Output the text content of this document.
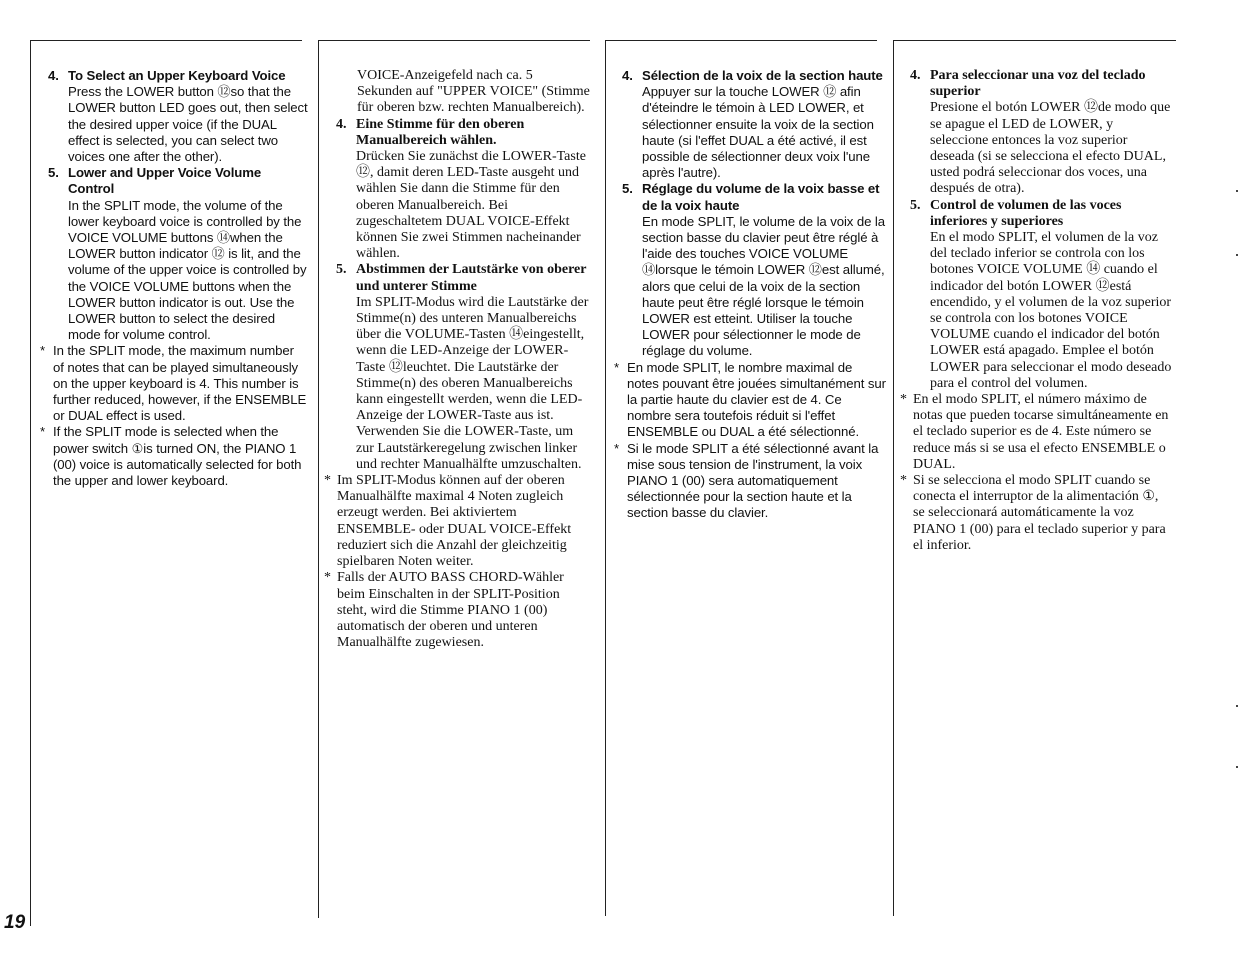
4. To Select an Upper Keyboard Voice
Press the LOWER button ⑫so that the LOWER button LED goes out, then select the desired upper voice (if the DUAL effect is selected, you can select two voices one after the other).
5. Lower and Upper Voice Volume Control
In the SPLIT mode, the volume of the lower keyboard voice is controlled by the VOICE VOLUME buttons ⑭when the LOWER button indicator ⑫ is lit, and the volume of the upper voice is controlled by the VOICE VOLUME buttons when the LOWER button indicator is out. Use the LOWER button to select the desired mode for volume control.
* In the SPLIT mode, the maximum number of notes that can be played simultaneously on the upper keyboard is 4. This number is further reduced, however, if the ENSEMBLE or DUAL effect is used.
* If the SPLIT mode is selected when the power switch ①is turned ON, the PIANO 1 (00) voice is automatically selected for both the upper and lower keyboard.
VOICE-Anzeigefeld nach ca. 5 Sekunden auf "UPPER VOICE" (Stimme für oberen bzw. rechten Manualbereich).
4. Eine Stimme für den oberen Manualbereich wählen.
Drücken Sie zunächst die LOWER-Taste ⑫, damit deren LED-Taste ausgeht und wählen Sie dann die Stimme für den oberen Manualbereich. Bei zugeschaltetem DUAL VOICE-Effekt können Sie zwei Stimmen nacheinander wählen.
5. Abstimmen der Lautstärke von oberer und unterer Stimme
Im SPLIT-Modus wird die Lautstärke der Stimme(n) des unteren Manualbereichs über die VOLUME-Tasten ⑭eingestellt, wenn die LED-Anzeige der LOWER-Taste ⑫leuchtet. Die Lautstärke der Stimme(n) des oberen Manualbereichs kann eingestellt werden, wenn die LED-Anzeige der LOWER-Taste aus ist. Verwenden Sie die LOWER-Taste, um zur Lautstärkeregelung zwischen linker und rechter Manualhälfte umzuschalten.
* Im SPLIT-Modus können auf der oberen Manualhälfte maximal 4 Noten zugleich erzeugt werden. Bei aktiviertem ENSEMBLE- oder DUAL VOICE-Effekt reduziert sich die Anzahl der gleichzeitig spielbaren Noten weiter.
* Falls der AUTO BASS CHORD-Wähler beim Einschalten in der SPLIT-Position steht, wird die Stimme PIANO 1 (00) automatisch der oberen und unteren Manualhälfte zugewiesen.
4. Sélection de la voix de la section haute
Appuyer sur la touche LOWER ⑫ afin d'éteindre le témoin à LED LOWER, et sélectionner ensuite la voix de la section haute (si l'effet DUAL a été activé, il est possible de sélectionner deux voix l'une après l'autre).
5. Réglage du volume de la voix basse et de la voix haute
En mode SPLIT, le volume de la voix de la section basse du clavier peut être réglé à l'aide des touches VOICE VOLUME ⑭lorsque le témoin LOWER ⑫est allumé, alors que celui de la voix de la section haute peut être réglé lorsque le témoin LOWER est etteint. Utiliser la touche LOWER pour sélectionner le mode de réglage du volume.
* En mode SPLIT, le nombre maximal de notes pouvant être jouées simultanément sur la partie haute du clavier est de 4. Ce nombre sera toutefois réduit si l'effet ENSEMBLE ou DUAL a été sélectionné.
* Si le mode SPLIT a été sélectionné avant la mise sous tension de l'instrument, la voix PIANO 1 (00) sera automatiquement sélectionnée pour la section haute et la section basse du clavier.
4. Para seleccionar una voz del teclado superior
Presione el botón LOWER ⑫de modo que se apague el LED de LOWER, y seleccione entonces la voz superior deseada (si se selecciona el efecto DUAL, usted podrá seleccionar dos voces, una después de otra).
5. Control de volumen de las voces inferiores y superiores
En el modo SPLIT, el volumen de la voz del teclado inferior se controla con los botones VOICE VOLUME ⑭ cuando el indicador del botón LOWER ⑫está encendido, y el volumen de la voz superior se controla con los botones VOICE VOLUME cuando el indicador del botón LOWER está apagado. Emplee el botón LOWER para seleccionar el modo deseado para el control del volumen.
* En el modo SPLIT, el número máximo de notas que pueden tocarse simultáneamente en el teclado superior es de 4. Este número se reduce más si se usa el efecto ENSEMBLE o DUAL.
* Si se selecciona el modo SPLIT cuando se conecta el interruptor de la alimentación ①, se seleccionará automáticamente la voz PIANO 1 (00) para el teclado superior y para el inferior.
19
